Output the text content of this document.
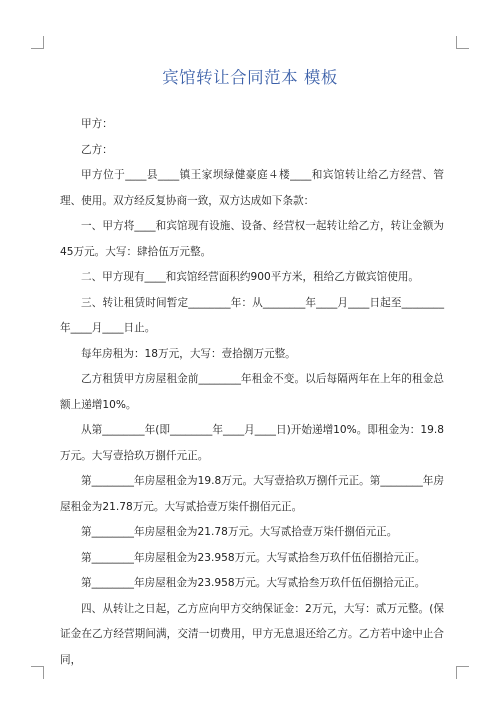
宾馆转让合同范本 模板

甲方：

乙方：

甲方位于____县____镇王家坝绿健豪庭４楼____和宾馆转让给乙方经营、管理、使用。双方经反复协商一致，双方达成如下条款：

一、甲方将____和宾馆现有设施、设备、经营权一起转让给乙方，转让金额为45万元。大写：肆拾伍万元整。

二、甲方现有____和宾馆经营面积约900平方米，租给乙方做宾馆使用。

三、转让租赁时间暂定________年：从________年____月____日起至________年____月____日止。

每年房租为：18万元，大写：壹拾捌万元整。

乙方租赁甲方房屋租金前________年租金不变。以后每隔两年在上年的租金总额上递增10%。

从第________年(即________年____月____日)开始递增10%。即租金为：19.8万元。大写壹拾玖万捌仟元正。

第________年房屋租金为19.8万元。大写壹拾玖万捌仟元正。第________年房屋租金为21.78万元。大写贰拾壹万柒仟捌佰元正。

第________年房屋租金为21.78万元。大写贰拾壹万柒仟捌佰元正。

第________年房屋租金为23.958万元。大写贰拾叁万玖仟伍佰捌拾元正。

第________年房屋租金为23.958万元。大写贰拾叁万玖仟伍佰捌拾元正。

四、从转让之日起，乙方应向甲方交纳保证金：2万元，大写：贰万元整。(保证金在乙方经营期间满，交清一切费用，甲方无息退还给乙方。乙方若中途中止合同，
